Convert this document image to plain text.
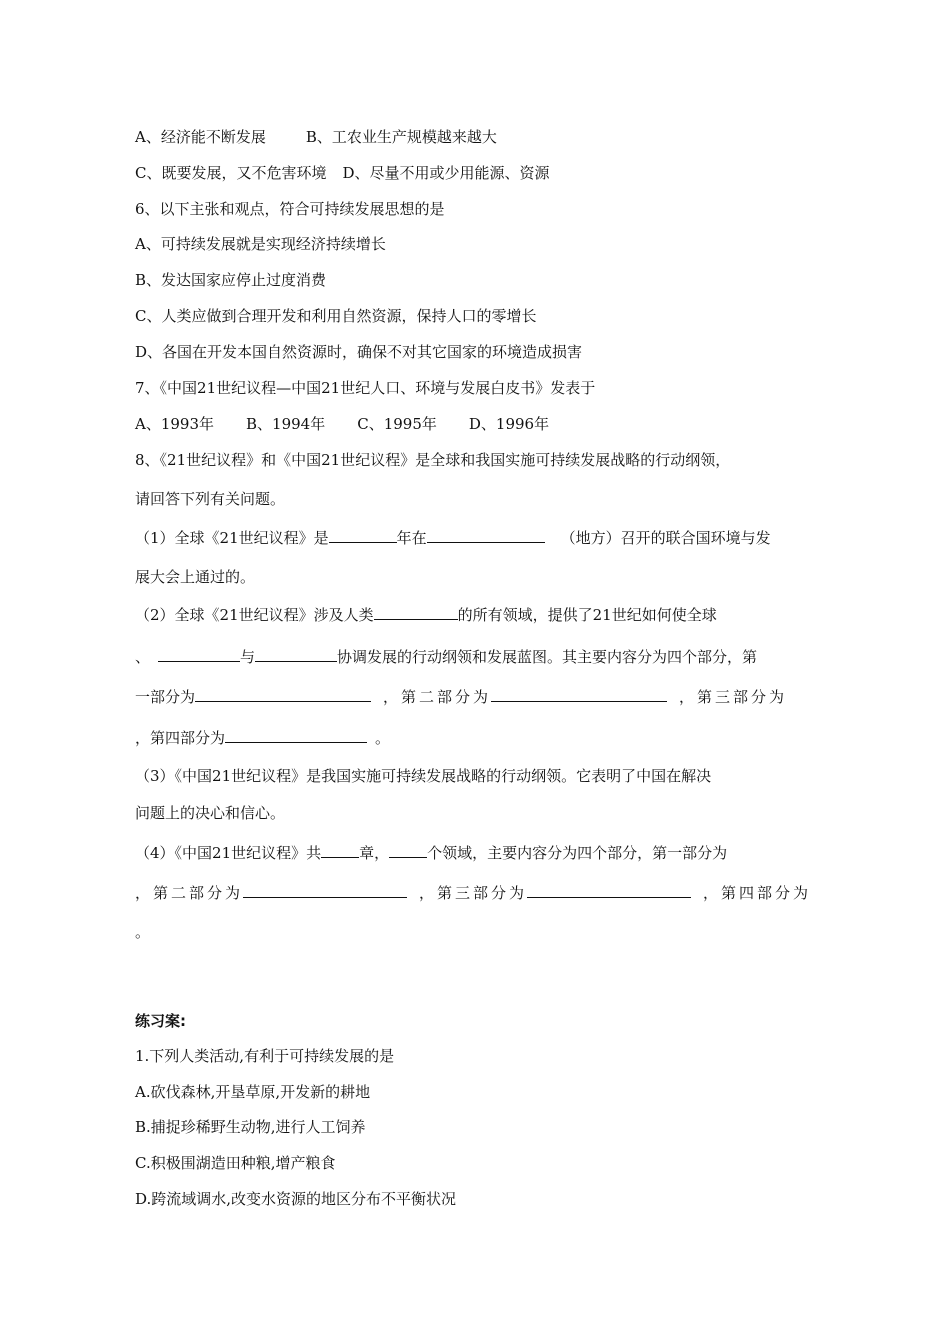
A、经济能不断发展	B、工农业生产规模越来越大
C、既要发展，又不危害环境 D、尽量不用或少用能源、资源
6、以下主张和观点，符合可持续发展思想的是
A、可持续发展就是实现经济持续增长
B、发达国家应停止过度消费
C、人类应做到合理开发和利用自然资源，保持人口的零增长
D、各国在开发本国自然资源时，确保不对其它国家的环境造成损害
7、《中国21世纪议程—中国21世纪人口、环境与发展白皮书》发表于
A、1993年 B、1994年 C、1995年 D、1996年
8、《21世纪议程》和《中国21世纪议程》是全球和我国实施可持续发展战略的行动纲领，
请回答下列有关问题。
（1）全球《21世纪议程》是	年在	（地方）召开的联合国环境与发
展大会上通过的。
（2）全球《21世纪议程》涉及人类	的所有领域，提供了21世纪如何使全球
、	与	协调发展的行动纲领和发展蓝图。其主要内容分为四个部分，第
一部分为	，第二部分为	，第三部分为
，第四部分为	。
（3）《中国21世纪议程》是我国实施可持续发展战略的行动纲领。它表明了中国在解决
问题上的决心和信心。
（4）《中国21世纪议程》共	章，	个领域，主要内容分为四个部分，第一部分为
，第二部分为	，第三部分为	，第四部分为
。
练习案:
1.下列人类活动,有利于可持续发展的是
A.砍伐森林,开垦草原,开发新的耕地
B.捕捉珍稀野生动物,进行人工饲养
C.积极围湖造田种粮,增产粮食
D.跨流域调水,改变水资源的地区分布不平衡状况
